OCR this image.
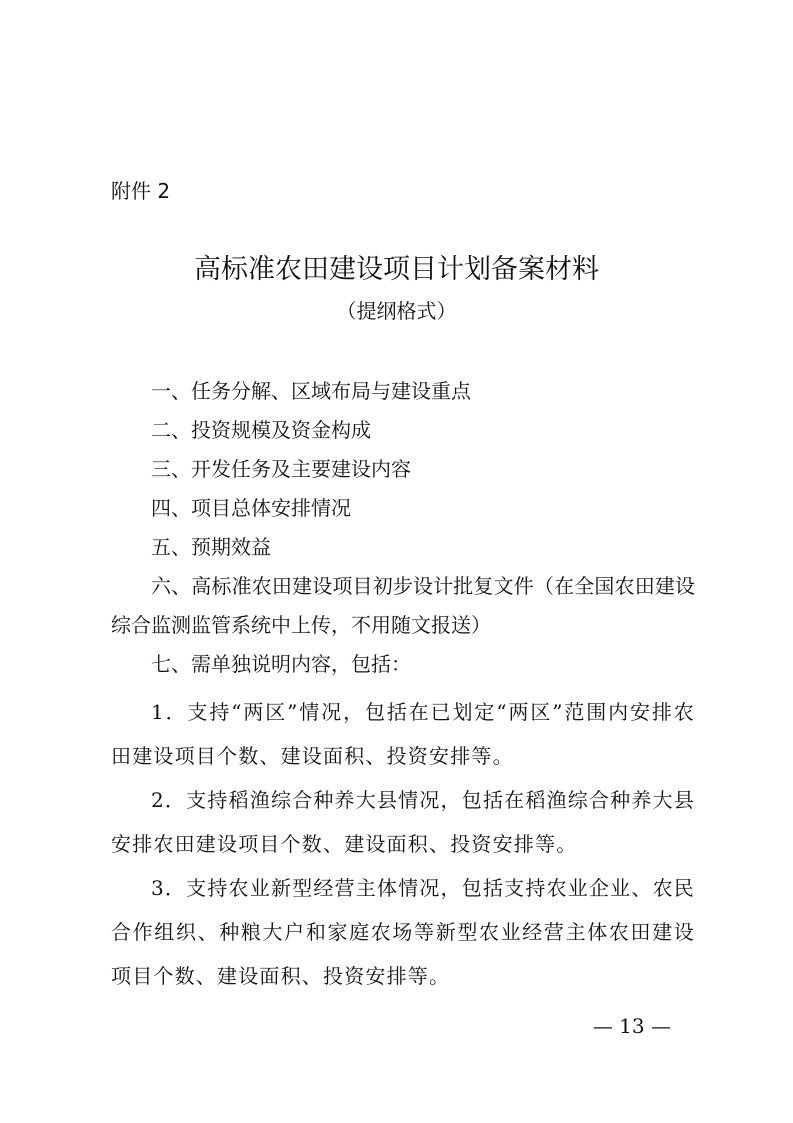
附件 2
高标准农田建设项目计划备案材料
（提纲格式）
一、任务分解、区域布局与建设重点
二、投资规模及资金构成
三、开发任务及主要建设内容
四、项目总体安排情况
五、预期效益
六、高标准农田建设项目初步设计批复文件（在全国农田建设综合监测监管系统中上传，不用随文报送）
七、需单独说明内容，包括：
1．支持“两区”情况，包括在已划定“两区”范围内安排农田建设项目个数、建设面积、投资安排等。
2．支持稻渔综合种养大县情况，包括在稻渔综合种养大县安排农田建设项目个数、建设面积、投资安排等。
3．支持农业新型经营主体情况，包括支持农业企业、农民合作组织、种粮大户和家庭农场等新型农业经营主体农田建设项目个数、建设面积、投资安排等。
— 13 —
